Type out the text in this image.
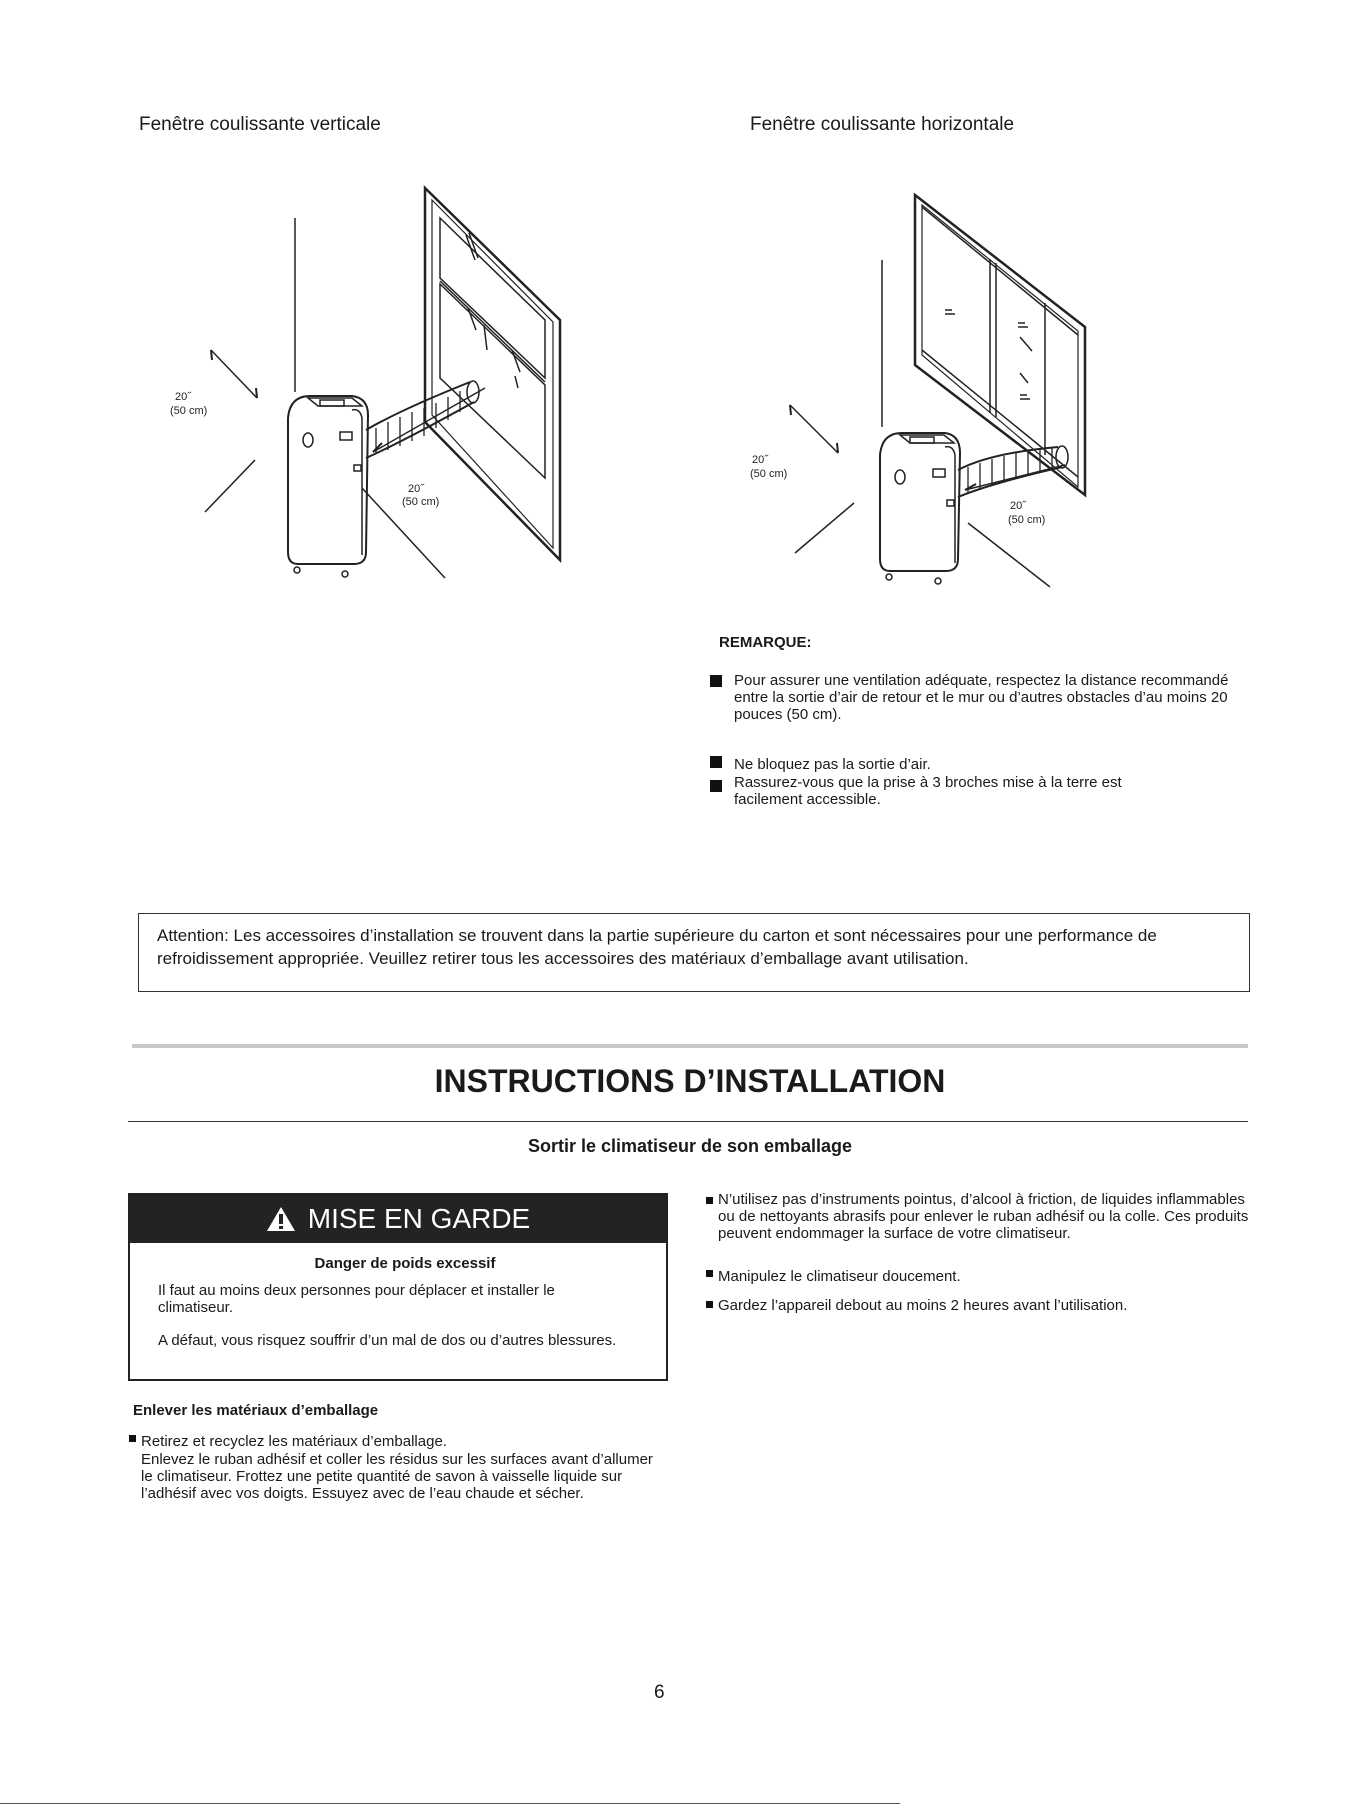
Fenêtre coulissante verticale	Fenêtre coulissante horizontale
20˝
(50 cm)
20˝
(50 cm)
20˝
(50 cm)
20˝
(50 cm)
REMARQUE:
Pour assurer une ventilation adéquate, respectez la distance recommandé entre la sortie d’air de retour et le mur ou d’autres obstacles d’au moins 20 pouces (50 cm).
Ne bloquez pas la sortie d’air.
Rassurez-vous que la prise à 3 broches mise à la terre est facilement accessible.
Attention: Les accessoires d’installation se trouvent dans la partie supérieure du carton et sont nécessaires pour une performance de refroidissement appropriée. Veuillez retirer tous les accessoires des matériaux d’emballage avant utilisation.
INSTRUCTIONS D’INSTALLATION
Sortir le climatiseur de son emballage
MISE EN GARDE
Danger de poids excessif
Il faut au moins deux personnes pour déplacer et installer le climatiseur.
A défaut, vous risquez souffrir d’un mal de dos ou d’autres blessures.
Enlever les matériaux d’emballage
Retirez et recyclez les matériaux d’emballage.
Enlevez le ruban adhésif et coller les résidus sur les surfaces avant d’allumer le climatiseur. Frottez une petite quantité de savon à vaisselle liquide sur l’adhésif avec vos doigts. Essuyez avec de l’eau chaude et sécher.
N’utilisez pas d’instruments pointus, d’alcool à friction, de liquides inflammables ou de nettoyants abrasifs pour enlever le ruban adhésif ou la colle. Ces produits peuvent endommager la surface de votre climatiseur.
Manipulez le climatiseur doucement.
Gardez l’appareil debout au moins 2 heures avant l’utilisation.
6
